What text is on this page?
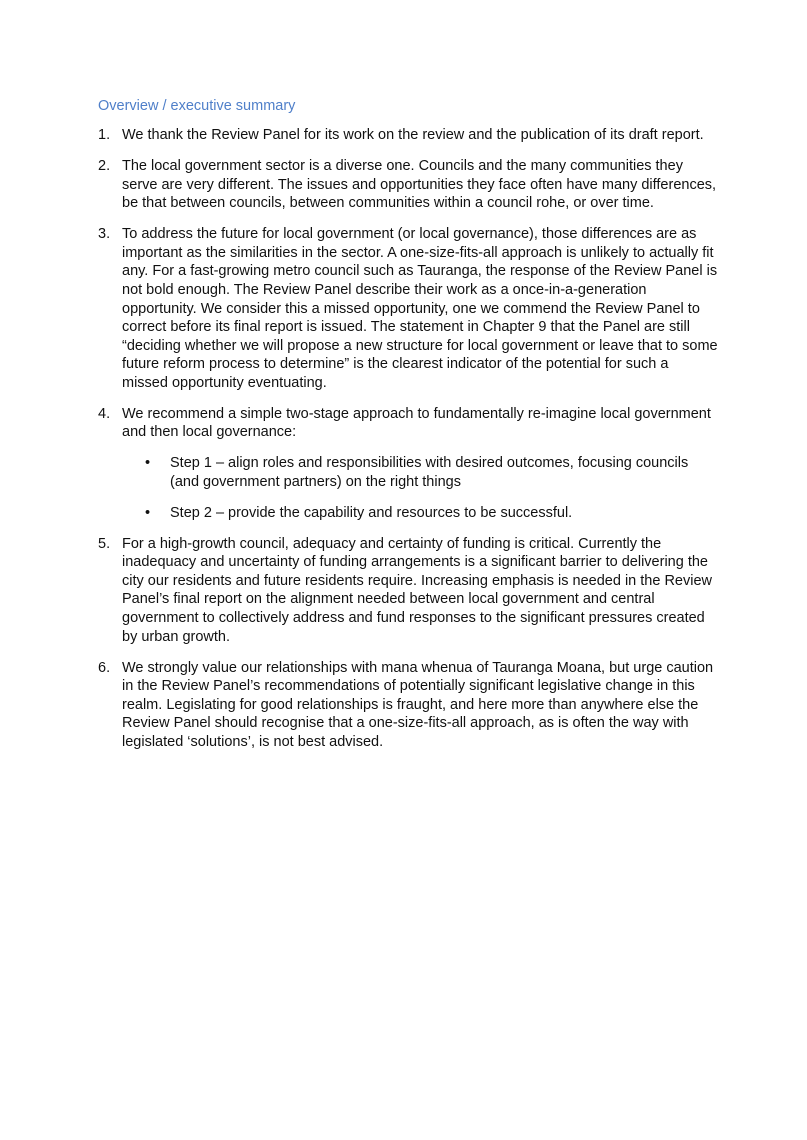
Overview / executive summary
1. We thank the Review Panel for its work on the review and the publication of its draft report.
2. The local government sector is a diverse one. Councils and the many communities they serve are very different. The issues and opportunities they face often have many differences, be that between councils, between communities within a council rohe, or over time.
3. To address the future for local government (or local governance), those differences are as important as the similarities in the sector. A one-size-fits-all approach is unlikely to actually fit any. For a fast-growing metro council such as Tauranga, the response of the Review Panel is not bold enough. The Review Panel describe their work as a once-in-a-generation opportunity. We consider this a missed opportunity, one we commend the Review Panel to correct before its final report is issued. The statement in Chapter 9 that the Panel are still “deciding whether we will propose a new structure for local government or leave that to some future reform process to determine” is the clearest indicator of the potential for such a missed opportunity eventuating.
4. We recommend a simple two-stage approach to fundamentally re-imagine local government and then local governance:
• Step 1 – align roles and responsibilities with desired outcomes, focusing councils (and government partners) on the right things
• Step 2 – provide the capability and resources to be successful.
5. For a high-growth council, adequacy and certainty of funding is critical. Currently the inadequacy and uncertainty of funding arrangements is a significant barrier to delivering the city our residents and future residents require. Increasing emphasis is needed in the Review Panel’s final report on the alignment needed between local government and central government to collectively address and fund responses to the significant pressures created by urban growth.
6. We strongly value our relationships with mana whenua of Tauranga Moana, but urge caution in the Review Panel’s recommendations of potentially significant legislative change in this realm. Legislating for good relationships is fraught, and here more than anywhere else the Review Panel should recognise that a one-size-fits-all approach, as is often the way with legislated ‘solutions’, is not best advised.
